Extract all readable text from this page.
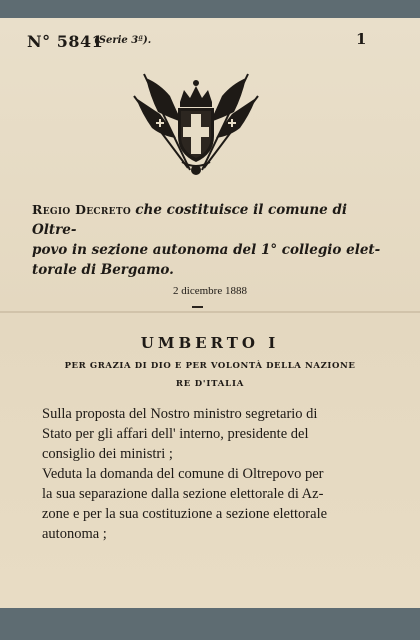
N° 5841
(Serie 3ª).	1
Regio Decreto che costituisce il comune di Oltre-
povo in sezione autonoma del 1° collegio elet-
torale di Bergamo.
2 dicembre 1888
UMBERTO I
PER GRAZIA DI DIO E PER VOLONTÀ DELLA NAZIONE
RE D'ITALIA

Sulla proposta del Nostro ministro segretario di

Stato per gli affari dell' interno, presidente del

consiglio dei ministri ;

Veduta la domanda del comune di Oltrepovo per

la sua separazione dalla sezione elettorale di Az-

zone e per la sua costituzione a sezione elettorale

autonoma ;
